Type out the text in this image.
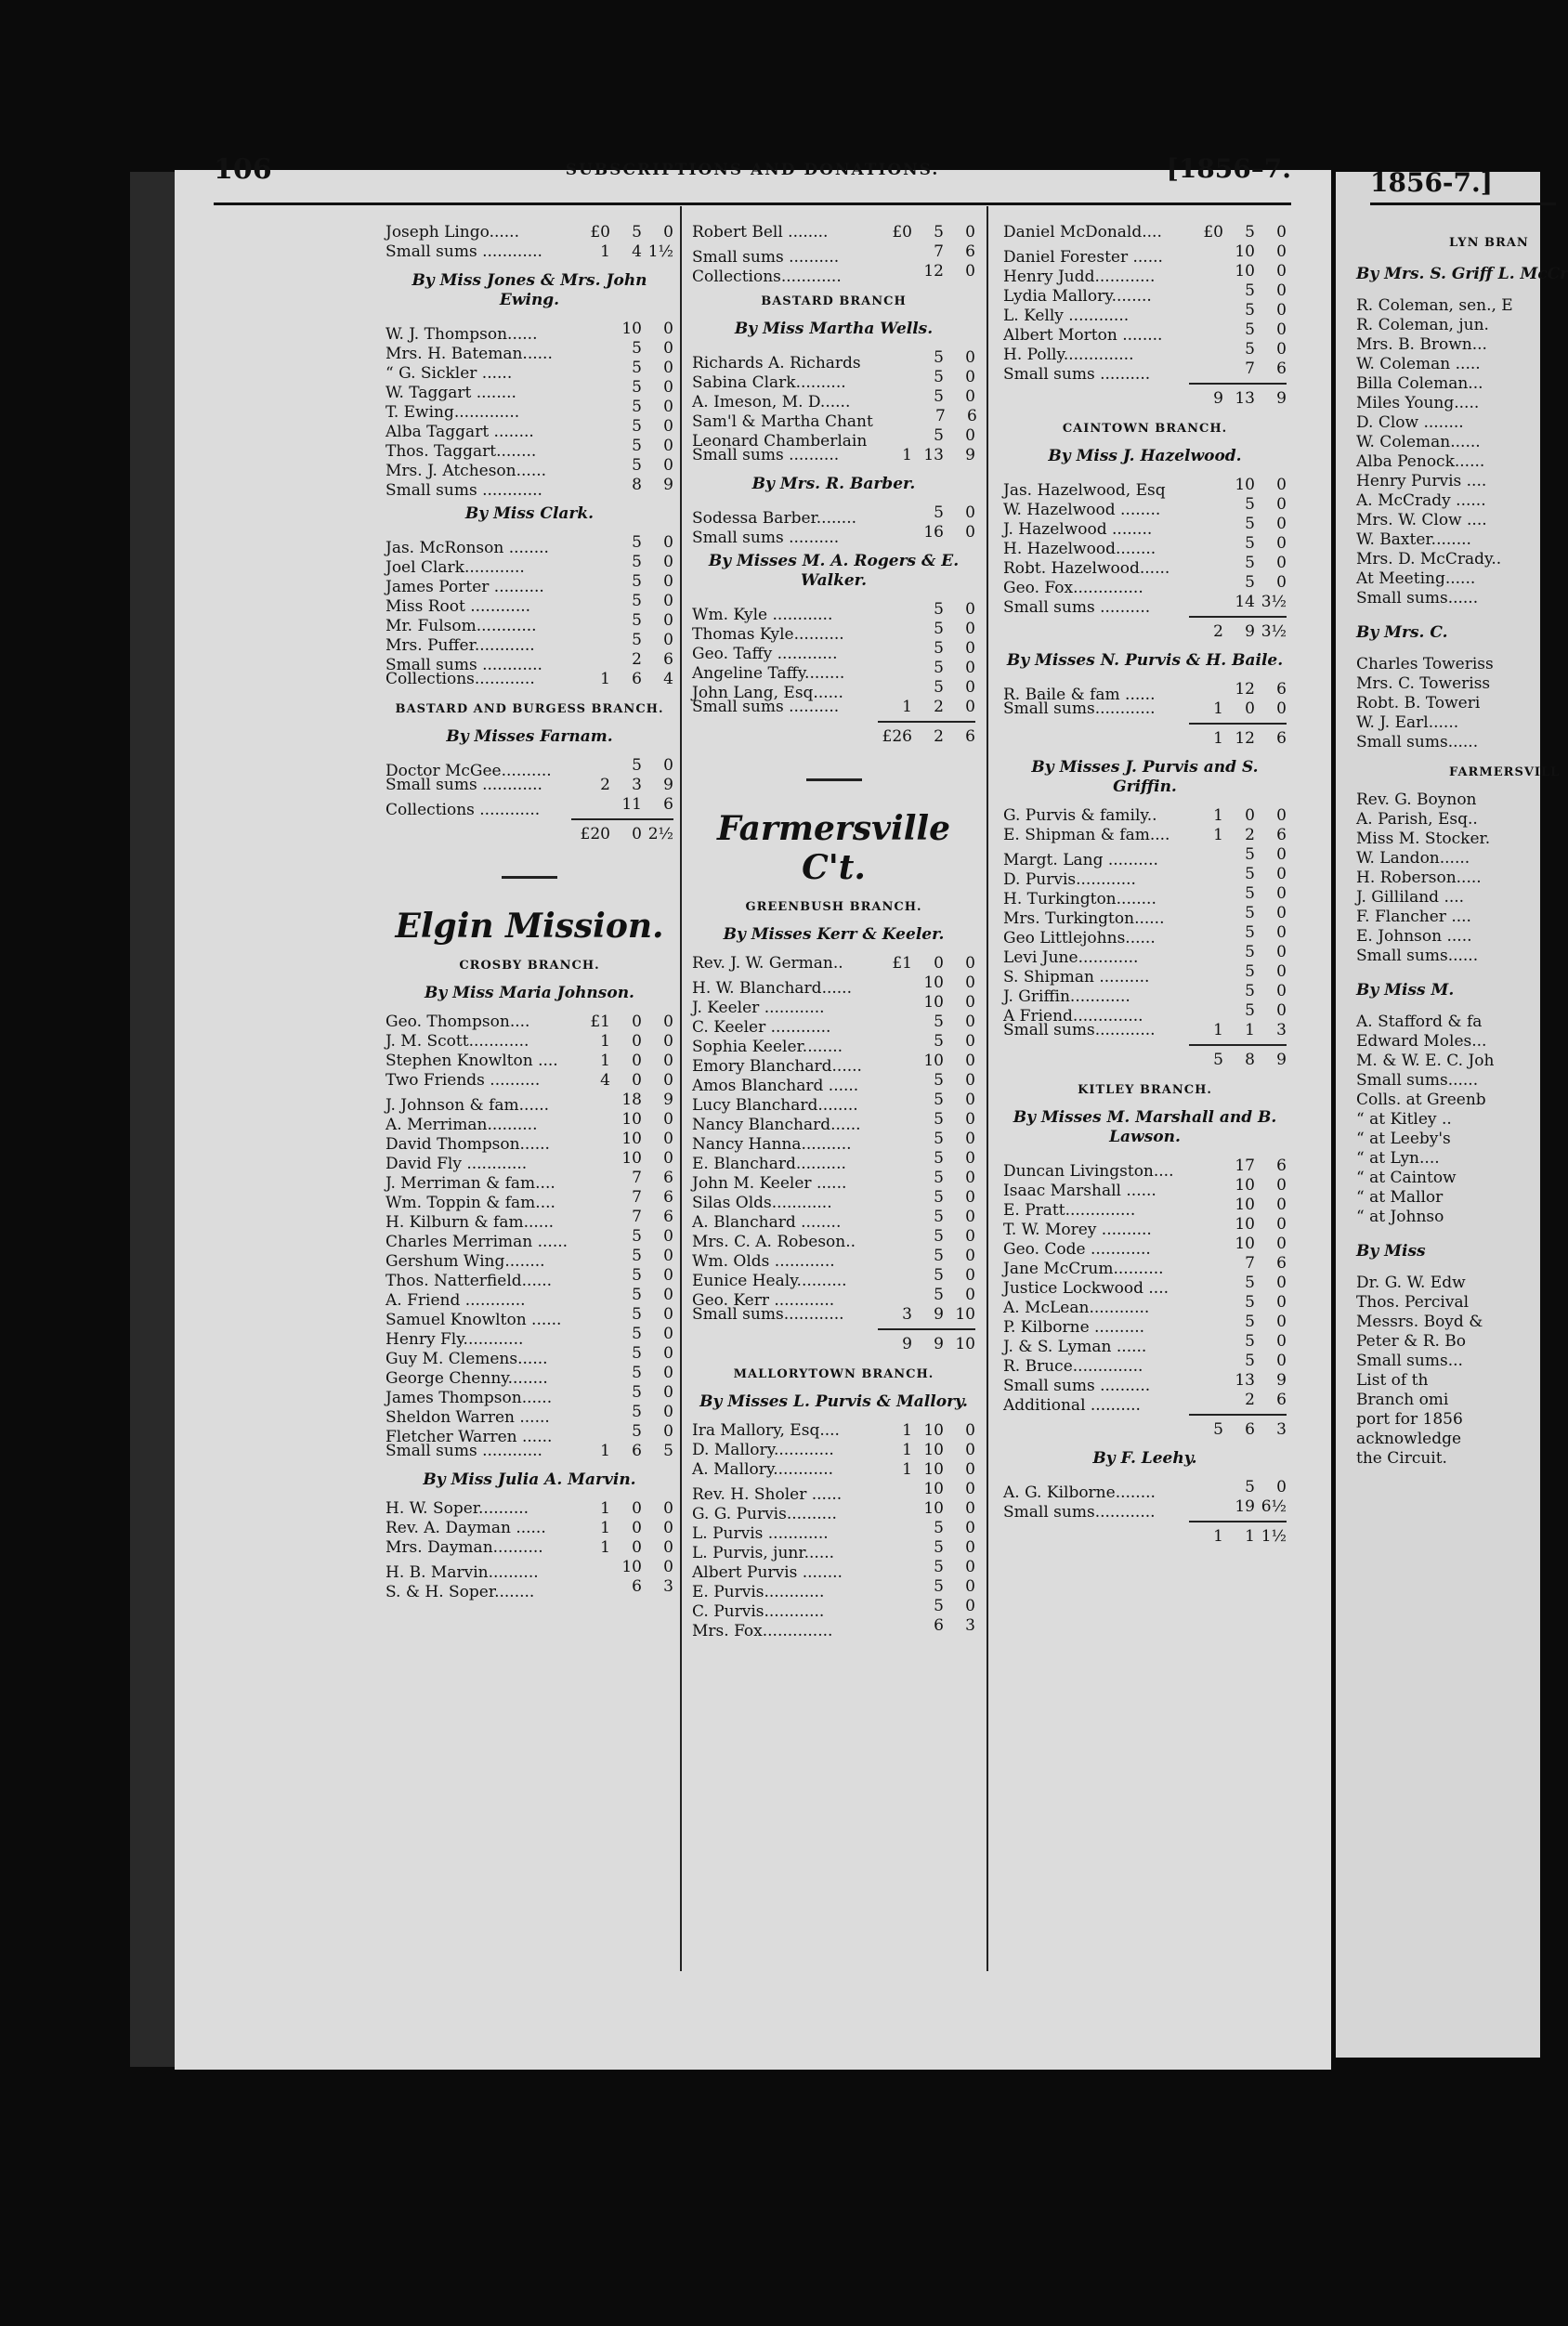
106	SUBSCRIPTIONS AND DONATIONS.	[1856–7.
Joseph Lingo......	£0	5	0
Small sums ............	1	4 1½
By Miss Jones & Mrs. John Ewing.
W. J. Thompson......	10	0
Mrs. H. Bateman......	5	0
“ G. Sickler ......	5	0
W. Taggart ........	5	0
T. Ewing.............	5	0
Alba Taggart ........	5	0
Thos. Taggart........	5	0
Mrs. J. Atcheson......	5	0
Small sums ............	8	9
By Miss Clark.
Jas. McRonson ........	5	0
Joel Clark............	5	0
James Porter ..........	5	0
Miss Root ............	5	0
Mr. Fulsom............	5	0
Mrs. Puffer............	5	0
Small sums ............	2	6
Collections............	1	6	4
BASTARD AND BURGESS BRANCH.
By Misses Farnam.
Doctor McGee..........	5	0
Small sums ............	2	3	9
Collections ............	11	6
£20	0 2½
Elgin Mission.
CROSBY BRANCH.
By Miss Maria Johnson.
Geo. Thompson....	£1	0	0
J. M. Scott............	1	0	0
Stephen Knowlton ....	1	0	0
Two Friends ..........	4	0	0
J. Johnson & fam......	18	9
A. Merriman..........	10	0
David Thompson......	10	0
David Fly ............	10	0
J. Merriman & fam....	7	6
Wm. Toppin & fam....	7	6
H. Kilburn & fam......	7	6
Charles Merriman ......	5	0
Gershum Wing........	5	0
Thos. Natterfield......	5	0
A. Friend ............	5	0
Samuel Knowlton ......	5	0
Henry Fly............	5	0
Guy M. Clemens......	5	0
George Chenny........	5	0
James Thompson......	5	0
Sheldon Warren ......	5	0
Fletcher Warren ......	5	0
Small sums ............	1	6	5
By Miss Julia A. Marvin.
H. W. Soper..........	1	0	0
Rev. A. Dayman ......	1	0	0
Mrs. Dayman..........	1	0	0
H. B. Marvin..........	10	0
S. & H. Soper........	6	3
Robert Bell ........	£0	5	0
Small sums ..........	7	6
Collections............	12	0
BASTARD BRANCH
By Miss Martha Wells.
Richards A. Richards	5	0
Sabina Clark..........	5	0
A. Imeson, M. D......	5	0
Sam'l & Martha Chant	7	6
Leonard Chamberlain	5	0
Small sums ..........	1 13	9
By Mrs. R. Barber.
Sodessa Barber........	5	0
Small sums ..........	16	0
By Misses M. A. Rogers & E. Walker.
Wm. Kyle ............	5	0
Thomas Kyle..........	5	0
Geo. Taffy ............	5	0
Angeline Taffy........	5	0
John Lang, Esq......	5	0
Small sums ..........	1	2	0
£26	2	6
Farmersville C't.
GREENBUSH BRANCH.
By Misses Kerr & Keeler.
Rev. J. W. German..	£1	0	0
H. W. Blanchard......	10	0
J. Keeler ............	10	0
C. Keeler ............	5	0
Sophia Keeler........	5	0
Emory Blanchard......	10	0
Amos Blanchard ......	5	0
Lucy Blanchard........	5	0
Nancy Blanchard......	5	0
Nancy Hanna..........	5	0
E. Blanchard..........	5	0
John M. Keeler ......	5	0
Silas Olds............	5	0
A. Blanchard ........	5	0
Mrs. C. A. Robeson..	5	0
Wm. Olds ............	5	0
Eunice Healy..........	5	0
Geo. Kerr ............	5	0
Small sums............	3	9 10
9	9 10
MALLORYTOWN BRANCH.
By Misses L. Purvis & Mallory.
Ira Mallory, Esq....	1 10	0
D. Mallory............	1 10	0
A. Mallory............	1 10	0
Rev. H. Sholer ......	10	0
G. G. Purvis..........	10	0
L. Purvis ............	5	0
L. Purvis, junr......	5	0
Albert Purvis ........	5	0
E. Purvis............	5	0
C. Purvis............	5	0
Mrs. Fox..............	6	3
Daniel McDonald....	£0	5	0
Daniel Forester ......	10	0
Henry Judd............	10	0
Lydia Mallory........	5	0
L. Kelly ............	5	0
Albert Morton ........	5	0
H. Polly..............	5	0
Small sums ..........	7	6
9 13	9
CAINTOWN BRANCH.
By Miss J. Hazelwood.
Jas. Hazelwood, Esq	10	0
W. Hazelwood ........	5	0
J. Hazelwood ........	5	0
H. Hazelwood........	5	0
Robt. Hazelwood......	5	0
Geo. Fox..............	5	0
Small sums ..........	14 3½
2	9 3½
By Misses N. Purvis & H. Baile.
R. Baile & fam ......	12	6
Small sums............	1	0	0
1 12	6
By Misses J. Purvis and S. Griffin.
G. Purvis & family..	1	0	0
E. Shipman & fam....	1	2	6
Margt. Lang ..........	5	0
D. Purvis............	5	0
H. Turkington........	5	0
Mrs. Turkington......	5	0
Geo Littlejohns......	5	0
Levi June............	5	0
S. Shipman ..........	5	0
J. Griffin............	5	0
A Friend..............	5	0
Small sums............	1	1	3
5	8	9
KITLEY BRANCH.
By Misses M. Marshall and B. Lawson.
Duncan Livingston....	17	6
Isaac Marshall ......	10	0
E. Pratt..............	10	0
T. W. Morey ..........	10	0
Geo. Code ............	10	0
Jane McCrum..........	7	6
Justice Lockwood ....	5	0
A. McLean............	5	0
P. Kilborne ..........	5	0
J. & S. Lyman ......	5	0
R. Bruce..............	5	0
Small sums ..........	13	9
Additional ..........	2	6
5	6	3
By F. Leehy.
A. G. Kilborne........	5	0
Small sums............	19 6½
1	1 1½
1856-7.]
LYN BRAN
By Mrs. S. Griff L. McCr
R. Coleman, sen., E
R. Coleman, jun.
Mrs. B. Brown...
W. Coleman .....
Billa Coleman...
Miles Young.....
D. Clow ........
W. Coleman......
Alba Penock......
Henry Purvis ....
A. McCrady ......
Mrs. W. Clow ....
W. Baxter........
Mrs. D. McCrady..
At Meeting......
Small sums......
By Mrs. C.
Charles Toweriss
Mrs. C. Toweriss
Robt. B. Toweri
W. J. Earl......
Small sums......
FARMERSVILL
Rev. G. Boynon
A. Parish, Esq..
Miss M. Stocker.
W. Landon......
H. Roberson.....
J. Gilliland ....
F. Flancher ....
E. Johnson .....
Small sums......
By Miss M.
A. Stafford & fa
Edward Moles...
M. & W. E. C. Joh
Small sums......
Colls. at Greenb
“ at Kitley ..
“ at Leeby's
“ at Lyn....
“ at Caintow
“ at Mallor
“ at Johnso
By Miss
Dr. G. W. Edw
Thos. Percival
Messrs. Boyd &
Peter & R. Bo
Small sums...
List of th
Branch omi
port for 1856
acknowledge
the Circuit.
